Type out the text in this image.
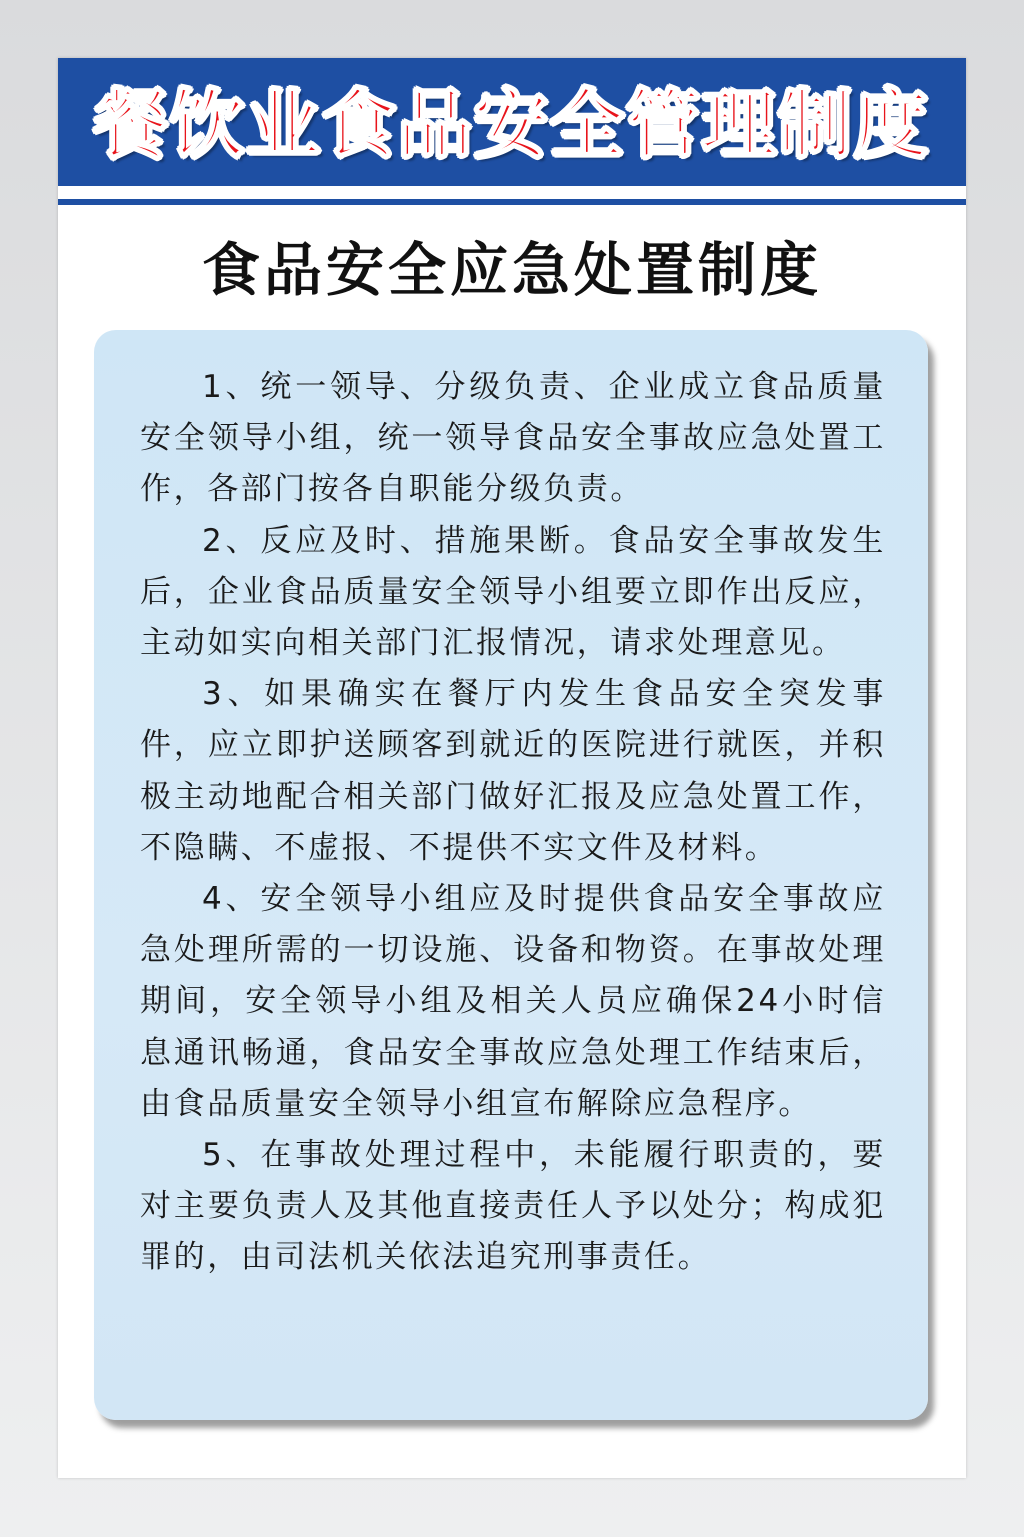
餐饮业食品安全管理制度
食品安全应急处置制度

1、统一领导、分级负责、企业成立食品质量安全领导小组，统一领导食品安全事故应急处置工作，各部门按各自职能分级负责。

2、反应及时、措施果断。食品安全事故发生后，企业食品质量安全领导小组要立即作出反应，主动如实向相关部门汇报情况，请求处理意见。

3、如果确实在餐厅内发生食品安全突发事件，应立即护送顾客到就近的医院进行就医，并积极主动地配合相关部门做好汇报及应急处置工作，不隐瞒、不虚报、不提供不实文件及材料。

4、安全领导小组应及时提供食品安全事故应急处理所需的一切设施、设备和物资。在事故处理期间，安全领导小组及相关人员应确保24小时信息通讯畅通，食品安全事故应急处理工作结束后，由食品质量安全领导小组宣布解除应急程序。

5、在事故处理过程中，未能履行职责的，要对主要负责人及其他直接责任人予以处分；构成犯罪的，由司法机关依法追究刑事责任。
